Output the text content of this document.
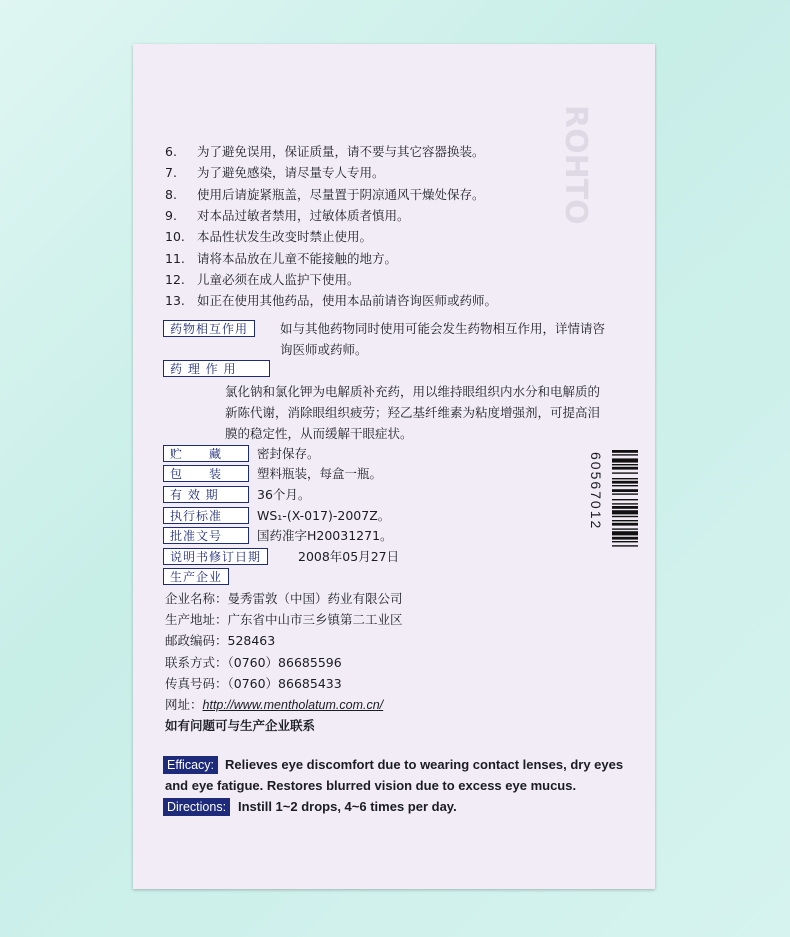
ROHTO
6. 为了避免误用，保证质量，请不要与其它容器换装。
7. 为了避免感染，请尽量专人专用。
8. 使用后请旋紧瓶盖，尽量置于阴凉通风干燥处保存。
9. 对本品过敏者禁用，过敏体质者慎用。
10. 本品性状发生改变时禁止使用。
11. 请将本品放在儿童不能接触的地方。
12. 儿童必须在成人监护下使用。
13. 如正在使用其他药品，使用本品前请咨询医师或药师。
药物相互作用	如与其他药物同时使用可能会发生药物相互作用，详情请咨
询医师或药师。
药 理 作 用
氯化钠和氯化钾为电解质补充药，用以维持眼组织内水分和电解质的
新陈代谢，消除眼组织疲劳；羟乙基纤维素为粘度增强剂，可提高泪
膜的稳定性，从而缓解干眼症状。
贮　　藏	密封保存。
包　　装	塑料瓶装，每盒一瓶。
有 效 期	36个月。
执行标准	WS₁-(X-017)-2007Z。
批准文号	国药准字H20031271。
说明书修订日期	2008年05月27日
生产企业
企业名称：曼秀雷敦（中国）药业有限公司
生产地址：广东省中山市三乡镇第二工业区
邮政编码：528463
联系方式：（0760）86685596
传真号码：（0760）86685433
网址：http://www.mentholatum.com.cn/
如有问题可与生产企业联系
Efficacy: Relieves eye discomfort due to wearing contact lenses, dry eyes
and eye fatigue. Restores blurred vision due to excess eye mucus.
Directions: Instill 1~2 drops, 4~6 times per day.
60567012
